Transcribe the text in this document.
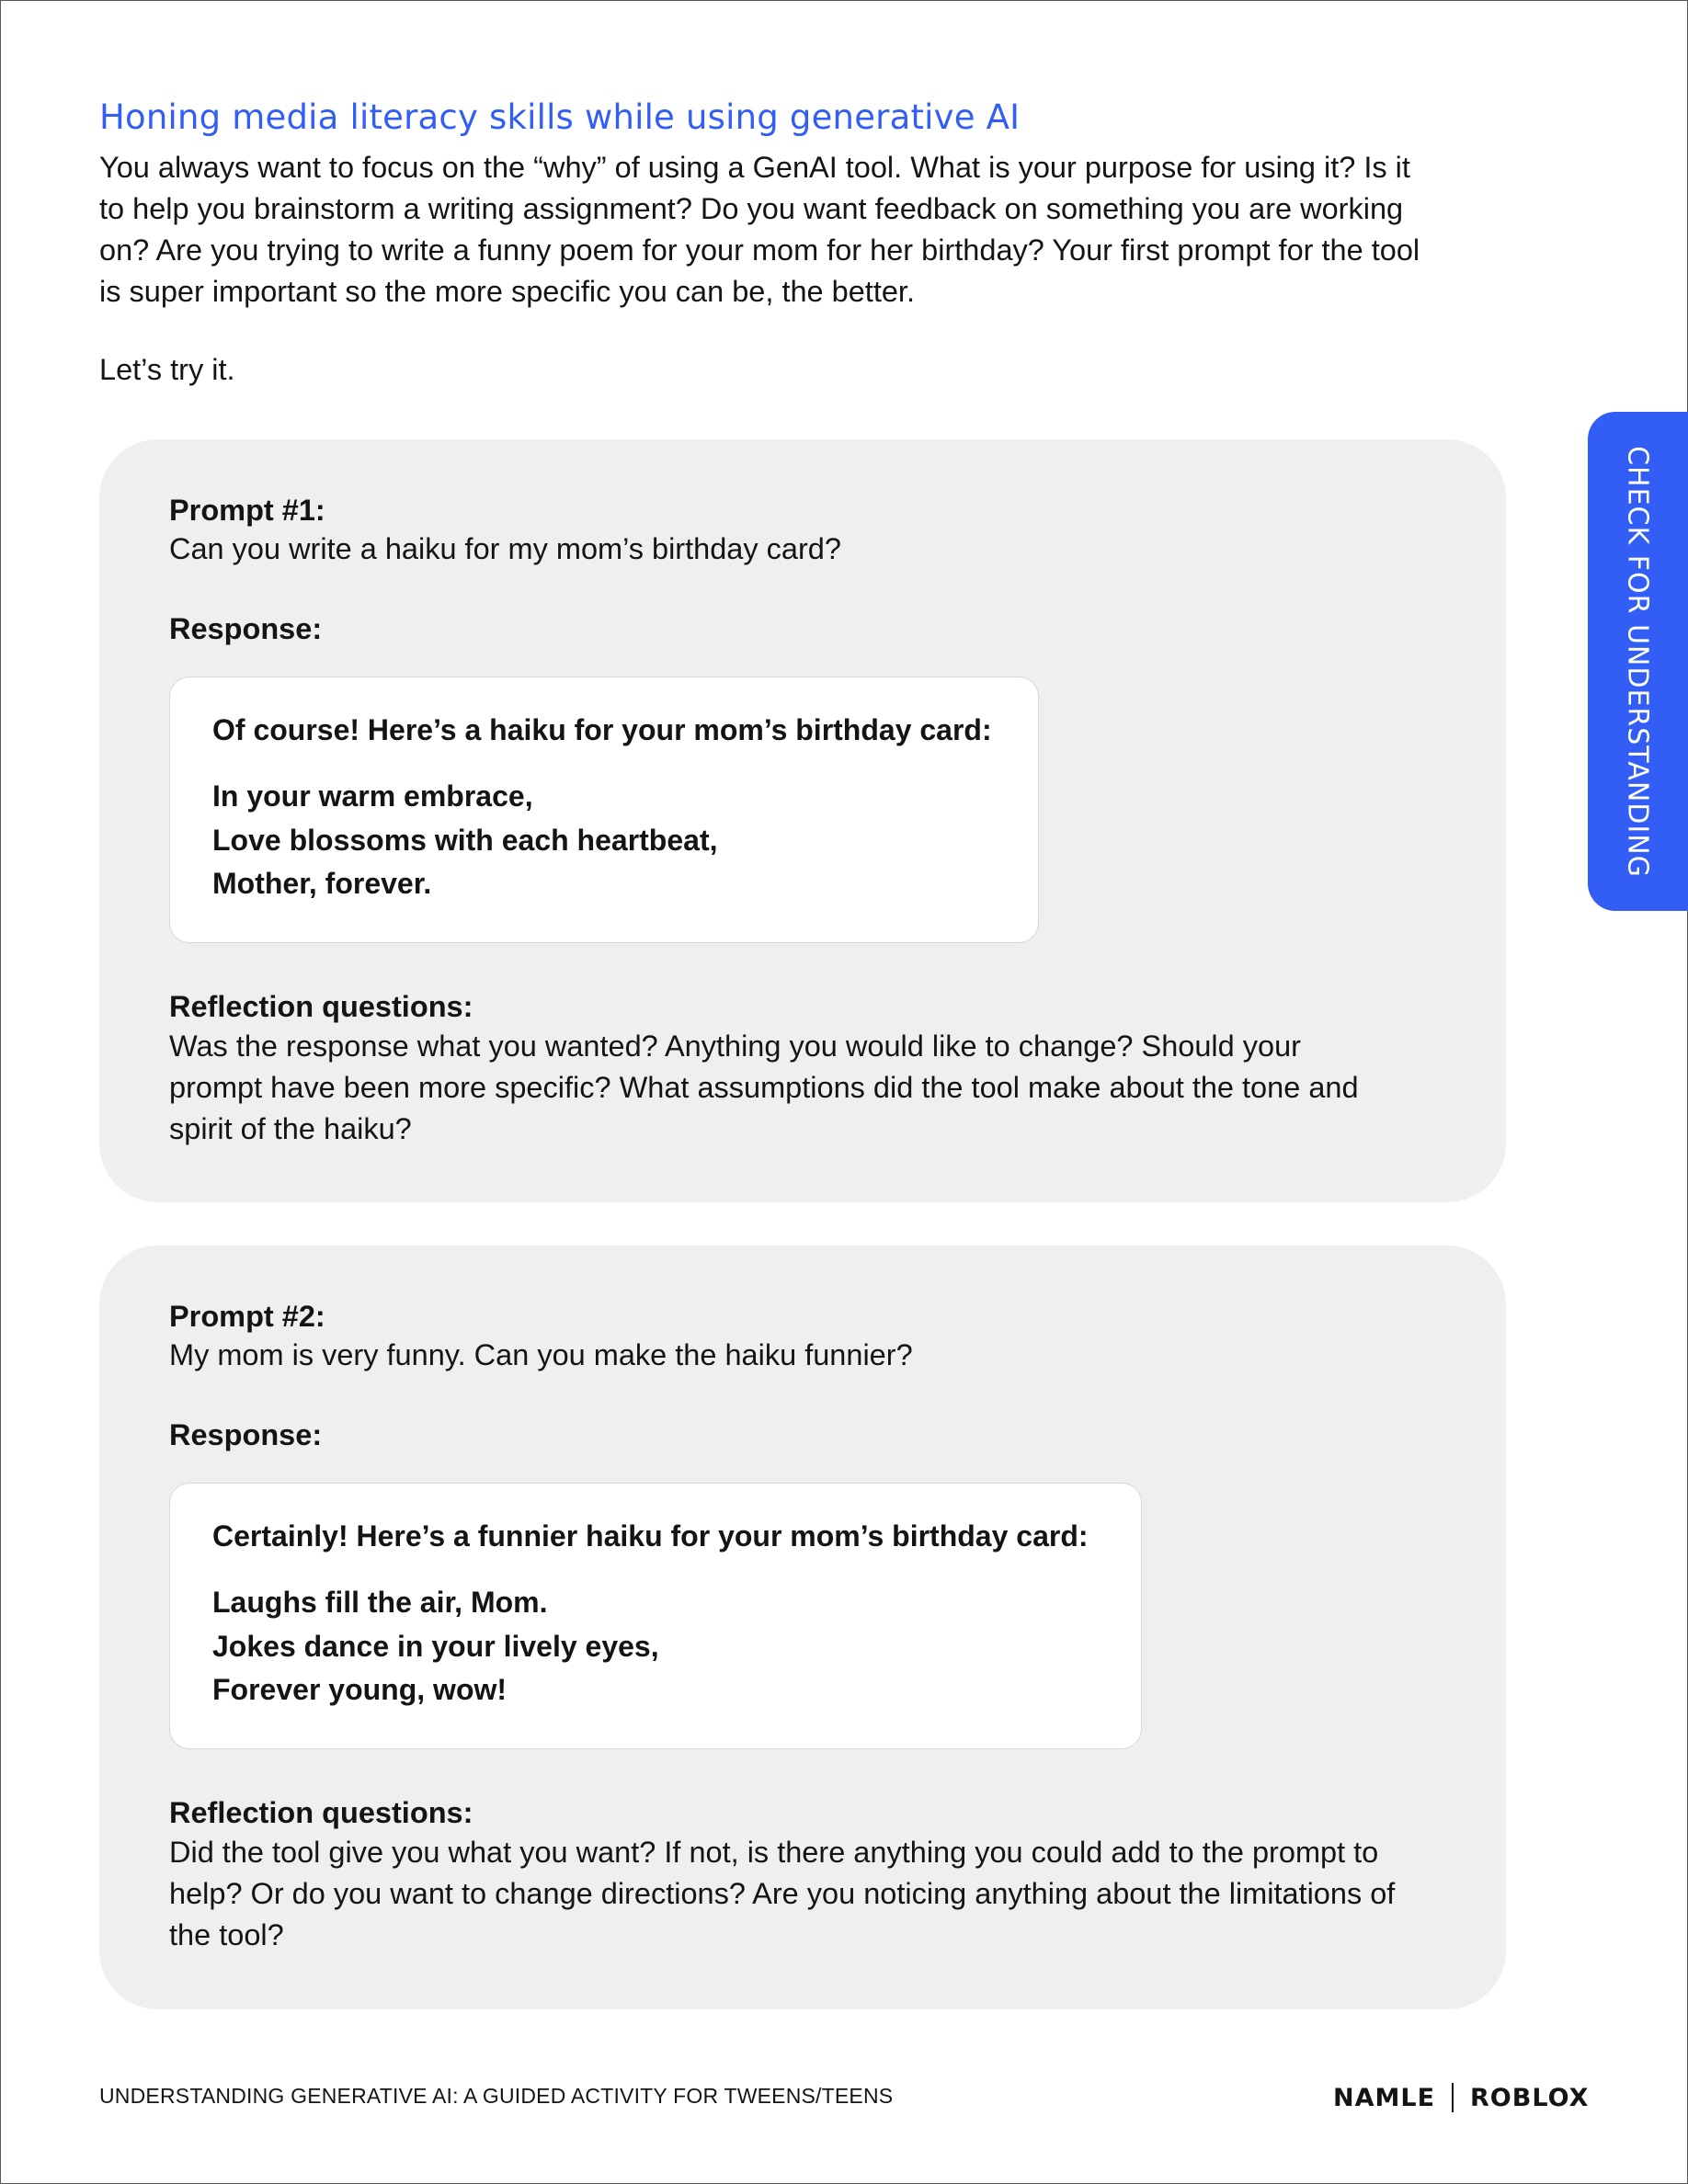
Honing media literacy skills while using generative AI

You always want to focus on the “why” of using a GenAI tool. What is your purpose for using it? Is it to help you brainstorm a writing assignment? Do you want feedback on something you are working on? Are you trying to write a funny poem for your mom for her birthday? Your first prompt for the tool is super important so the more specific you can be, the better.

Let’s try it.

Prompt #1:

Can you write a haiku for my mom’s birthday card?

Response:

Of course! Here’s a haiku for your mom’s birthday card:

In your warm embrace,
Love blossoms with each heartbeat,
Mother, forever.

Reflection questions:

Was the response what you wanted? Anything you would like to change? Should your prompt have been more specific? What assumptions did the tool make about the tone and spirit of the haiku?

Prompt #2:

My mom is very funny. Can you make the haiku funnier?

Response:

Certainly! Here’s a funnier haiku for your mom’s birthday card:

Laughs fill the air, Mom.
Jokes dance in your lively eyes,
Forever young, wow!

Reflection questions:

Did the tool give you what you want? If not, is there anything you could add to the prompt to help? Or do you want to change directions? Are you noticing anything about the limitations of the tool?

CHECK FOR UNDERSTANDING

UNDERSTANDING GENERATIVE AI: A GUIDED ACTIVITY FOR TWEENS/TEENS	NAMLE ROBLOX
